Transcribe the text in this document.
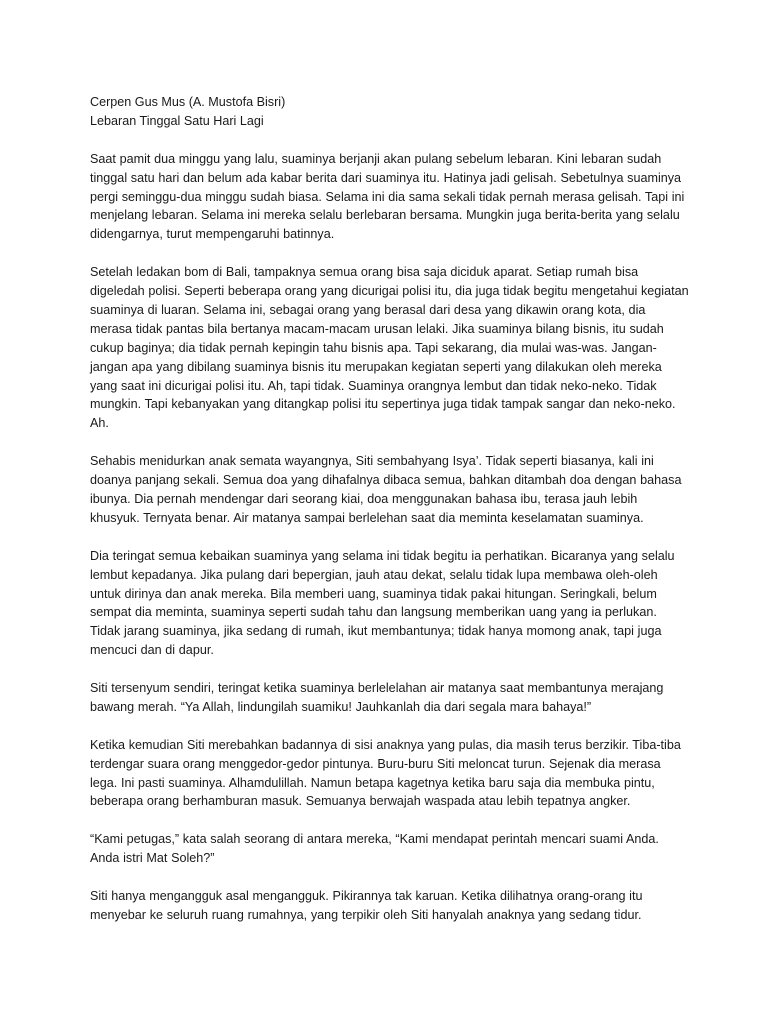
Cerpen Gus Mus (A. Mustofa Bisri)

Lebaran Tinggal Satu Hari Lagi

Saat pamit dua minggu yang lalu, suaminya berjanji akan pulang sebelum lebaran. Kini lebaran sudah tinggal satu hari dan belum ada kabar berita dari suaminya itu. Hatinya jadi gelisah. Sebetulnya suaminya pergi seminggu-dua minggu sudah biasa. Selama ini dia sama sekali tidak pernah merasa gelisah. Tapi ini menjelang lebaran. Selama ini mereka selalu berlebaran bersama. Mungkin juga berita-berita yang selalu didengarnya, turut mempengaruhi batinnya.

Setelah ledakan bom di Bali, tampaknya semua orang bisa saja diciduk aparat. Setiap rumah bisa digeledah polisi. Seperti beberapa orang yang dicurigai polisi itu, dia juga tidak begitu mengetahui kegiatan suaminya di luaran. Selama ini, sebagai orang yang berasal dari desa yang dikawin orang kota, dia merasa tidak pantas bila bertanya macam-macam urusan lelaki. Jika suaminya bilang bisnis, itu sudah cukup baginya; dia tidak pernah kepingin tahu bisnis apa. Tapi sekarang, dia mulai was-was. Jangan-jangan apa yang dibilang suaminya bisnis itu merupakan kegiatan seperti yang dilakukan oleh mereka yang saat ini dicurigai polisi itu. Ah, tapi tidak. Suaminya orangnya lembut dan tidak neko-neko. Tidak mungkin. Tapi kebanyakan yang ditangkap polisi itu sepertinya juga tidak tampak sangar dan neko-neko. Ah.

Sehabis menidurkan anak semata wayangnya, Siti sembahyang Isya’. Tidak seperti biasanya, kali ini doanya panjang sekali. Semua doa yang dihafalnya dibaca semua, bahkan ditambah doa dengan bahasa ibunya. Dia pernah mendengar dari seorang kiai, doa menggunakan bahasa ibu, terasa jauh lebih khusyuk. Ternyata benar. Air matanya sampai berlelehan saat dia meminta keselamatan suaminya.

Dia teringat semua kebaikan suaminya yang selama ini tidak begitu ia perhatikan. Bicaranya yang selalu lembut kepadanya. Jika pulang dari bepergian, jauh atau dekat, selalu tidak lupa membawa oleh-oleh untuk dirinya dan anak mereka. Bila memberi uang, suaminya tidak pakai hitungan. Seringkali, belum sempat dia meminta, suaminya seperti sudah tahu dan langsung memberikan uang yang ia perlukan. Tidak jarang suaminya, jika sedang di rumah, ikut membantunya; tidak hanya momong anak, tapi juga mencuci dan di dapur.

Siti tersenyum sendiri, teringat ketika suaminya berlelelahan air matanya saat membantunya merajang bawang merah. “Ya Allah, lindungilah suamiku! Jauhkanlah dia dari segala mara bahaya!”

Ketika kemudian Siti merebahkan badannya di sisi anaknya yang pulas, dia masih terus berzikir. Tiba-tiba terdengar suara orang menggedor-gedor pintunya. Buru-buru Siti meloncat turun. Sejenak dia merasa lega. Ini pasti suaminya. Alhamdulillah. Namun betapa kagetnya ketika baru saja dia membuka pintu, beberapa orang berhamburan masuk. Semuanya berwajah waspada atau lebih tepatnya angker.

“Kami petugas,” kata salah seorang di antara mereka, “Kami mendapat perintah mencari suami Anda. Anda istri Mat Soleh?”

Siti hanya mengangguk asal mengangguk. Pikirannya tak karuan. Ketika dilihatnya orang-orang itu menyebar ke seluruh ruang rumahnya, yang terpikir oleh Siti hanyalah anaknya yang sedang tidur.
